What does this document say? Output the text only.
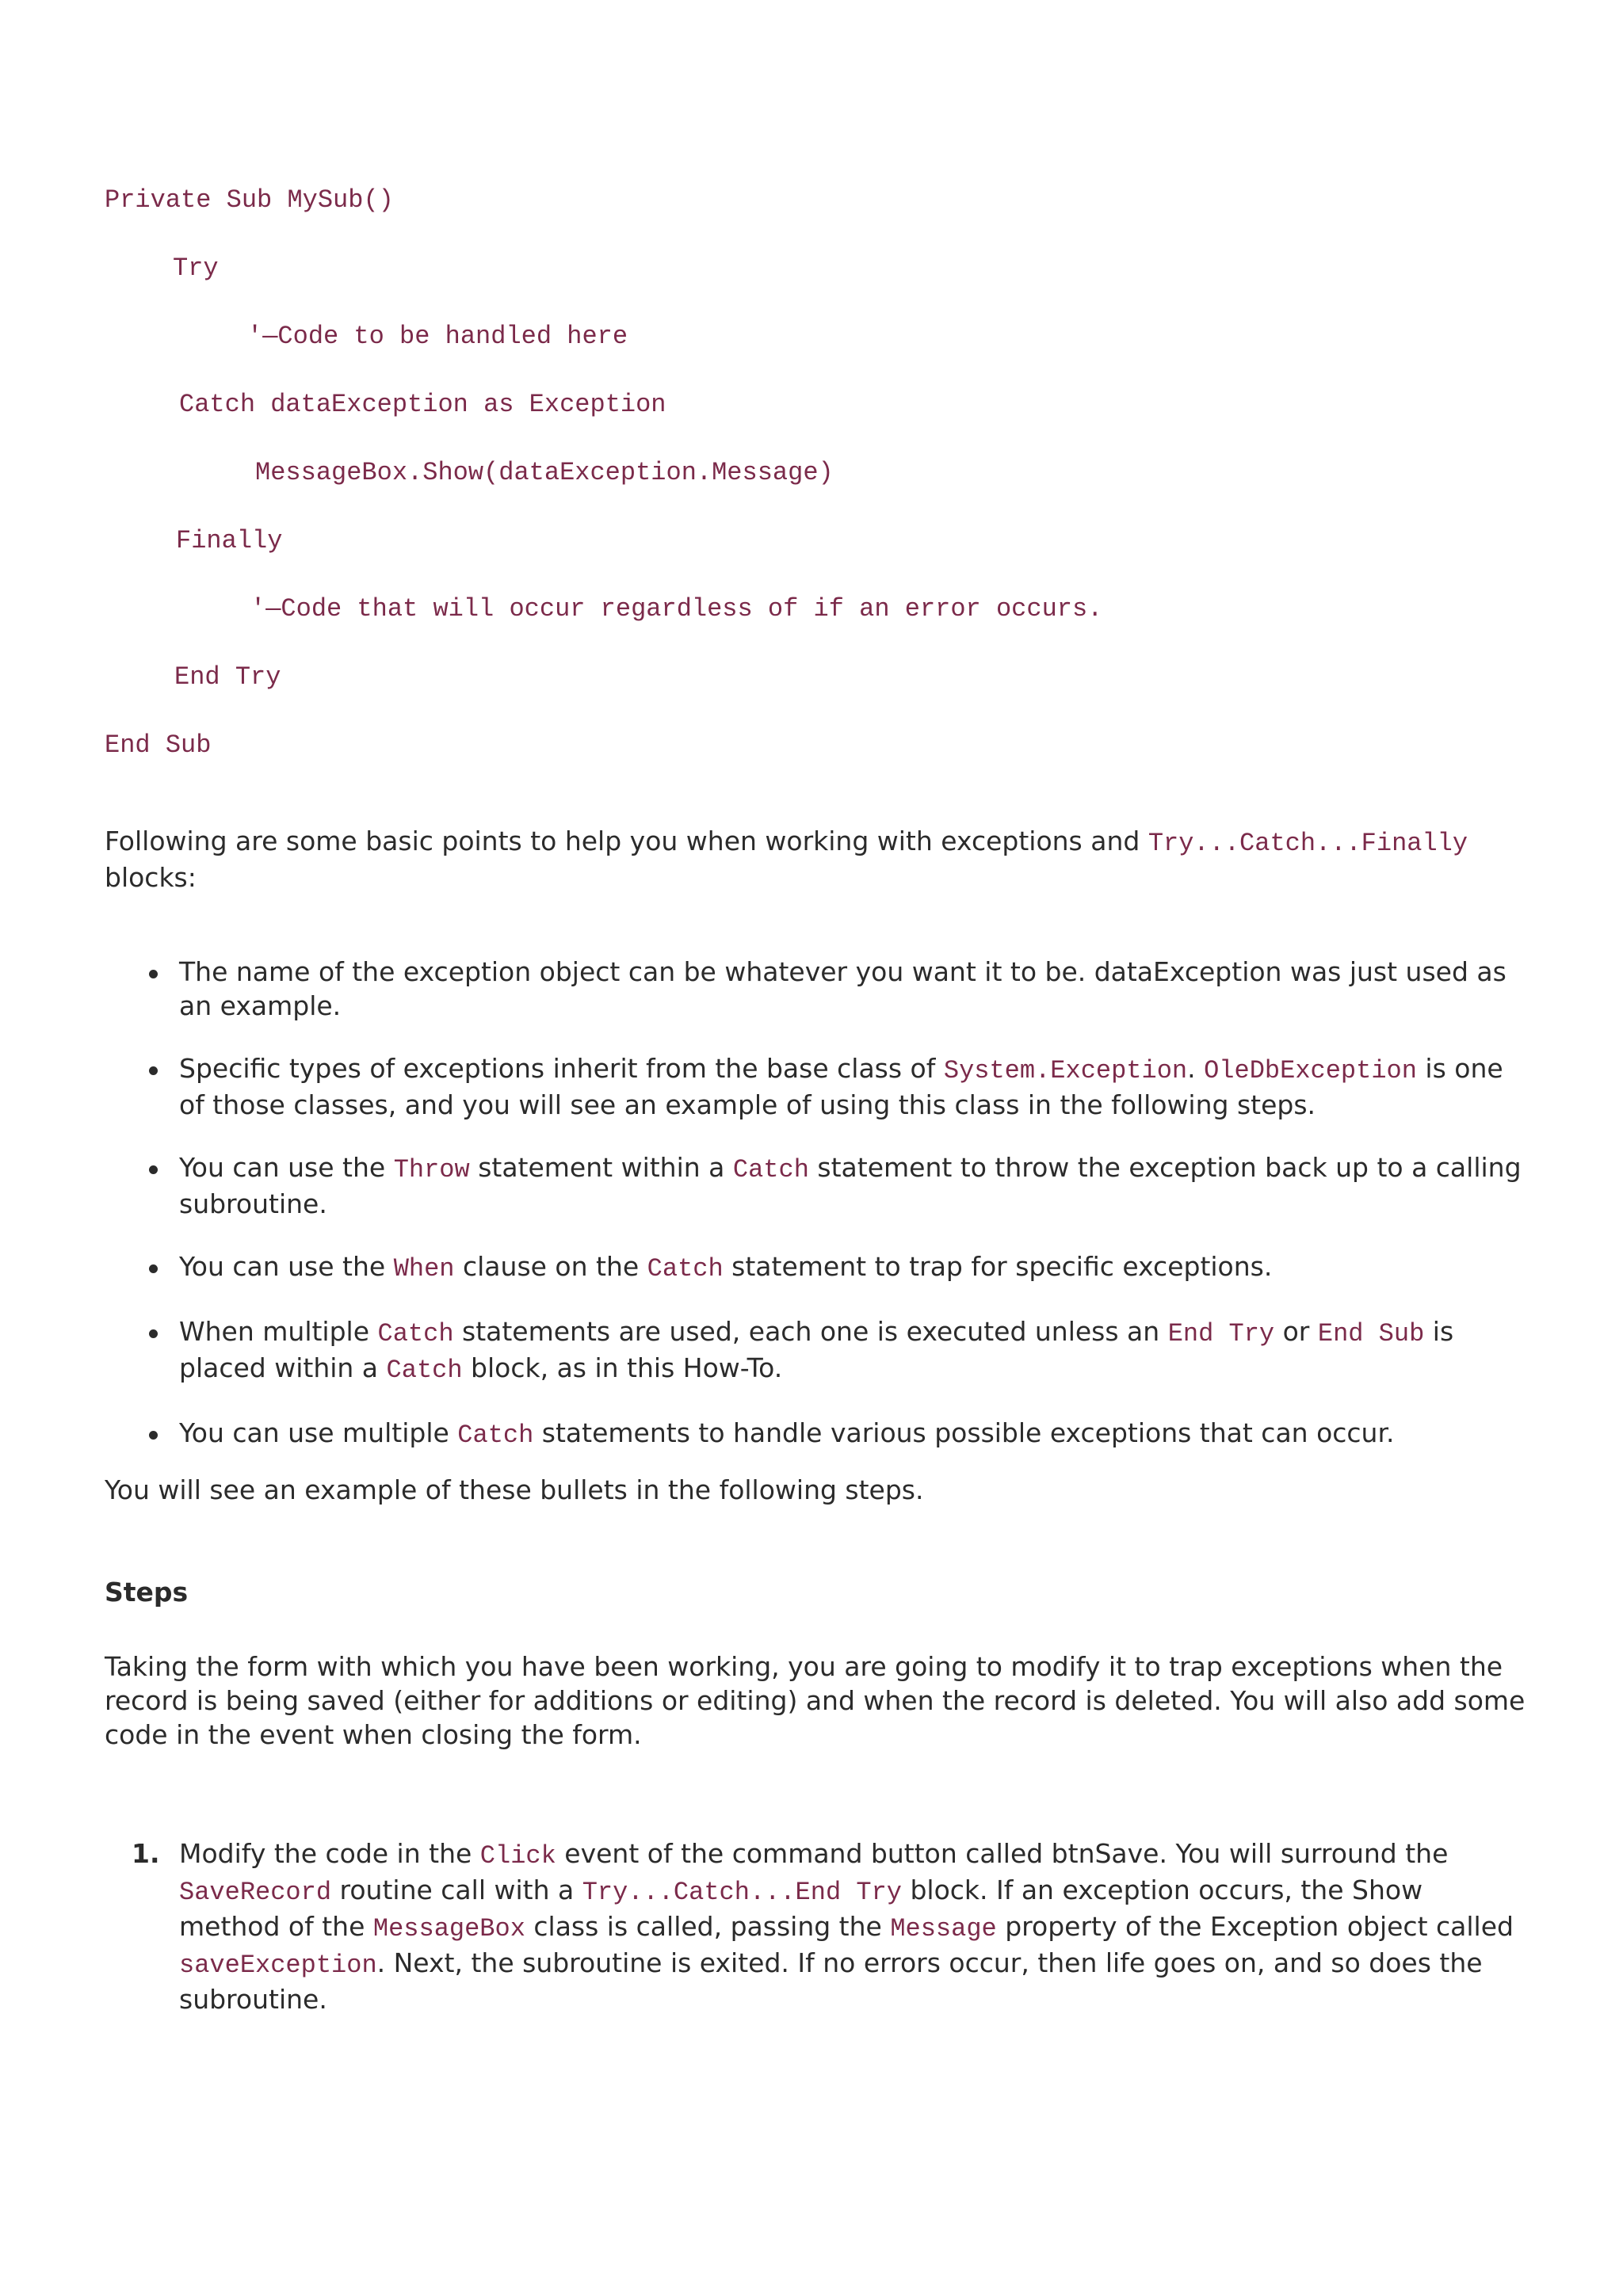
Private Sub MySub()
Try
'—Code to be handled here
Catch dataException as Exception
MessageBox.Show(dataException.Message)
Finally
'—Code that will occur regardless of if an error occurs.
End Try
End Sub
Following are some basic points to help you when working with exceptions and Try...Catch...Finally blocks:
The name of the exception object can be whatever you want it to be. dataException was just used as an example.
Specific types of exceptions inherit from the base class of System.Exception. OleDbException is one of those classes, and you will see an example of using this class in the following steps.
You can use the Throw statement within a Catch statement to throw the exception back up to a calling subroutine.
You can use the When clause on the Catch statement to trap for specific exceptions.
When multiple Catch statements are used, each one is executed unless an End Try or End Sub is placed within a Catch block, as in this How-To.
You can use multiple Catch statements to handle various possible exceptions that can occur.
You will see an example of these bullets in the following steps.
Steps
Taking the form with which you have been working, you are going to modify it to trap exceptions when the record is being saved (either for additions or editing) and when the record is deleted. You will also add some code in the event when closing the form.
1. Modify the code in the Click event of the command button called btnSave. You will surround the SaveRecord routine call with a Try...Catch...End Try block. If an exception occurs, the Show method of the MessageBox class is called, passing the Message property of the Exception object called saveException. Next, the subroutine is exited. If no errors occur, then life goes on, and so does the subroutine.
